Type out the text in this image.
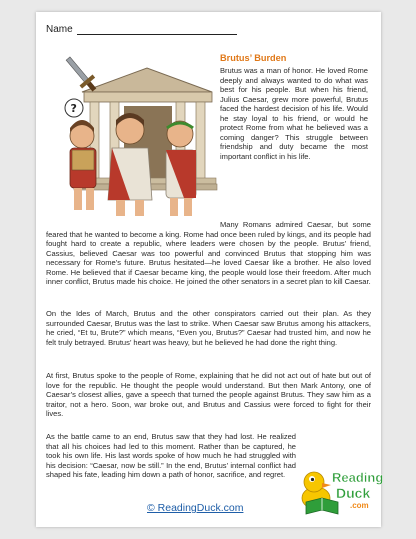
Name
?
Brutus’ Burden
Brutus was a man of honor. He loved Rome deeply and always wanted to do what was best for his people. But when his friend, Julius Caesar, grew more powerful, Brutus faced the hardest decision of his life. Would he stay loyal to his friend, or would he protect Rome from what he believed was a coming danger? This struggle between friendship and duty became the most important conflict in his life.
Many Romans admired Caesar, but some feared that he wanted to become a king. Rome had once been ruled by kings, and its people had fought hard to create a republic, where leaders were chosen by the people. Brutus’ friend, Cassius, believed Caesar was too powerful and convinced Brutus that stopping him was necessary for Rome’s future. Brutus hesitated—he loved Caesar like a brother. He also loved Rome. He believed that if Caesar became king, the people would lose their freedom. After much inner conflict, Brutus made his choice. He joined the other senators in a secret plan to kill Caesar.
On the Ides of March, Brutus and the other conspirators carried out their plan. As they surrounded Caesar, Brutus was the last to strike. When Caesar saw Brutus among his attackers, he cried, “Et tu, Brute?” which means, “Even you, Brutus?” Caesar had trusted him, and now he felt truly betrayed. Brutus’ heart was heavy, but he believed he had done the right thing.
At first, Brutus spoke to the people of Rome, explaining that he did not act out of hate but out of love for the republic. He thought the people would understand. But then Mark Antony, one of Caesar’s closest allies, gave a speech that turned the people against Brutus. They saw him as a traitor, not a hero. Soon, war broke out, and Brutus and Cassius were forced to fight for their lives.
As the battle came to an end, Brutus saw that they had lost. He realized that all his choices had led to this moment. Rather than be captured, he took his own life. His last words spoke of how much he had struggled with his decision: “Caesar, now be still.” In the end, Brutus’ internal conflict had shaped his fate, leading him down a path of honor, sacrifice, and regret.
© ReadingDuck.com
Reading
Duck
.com
